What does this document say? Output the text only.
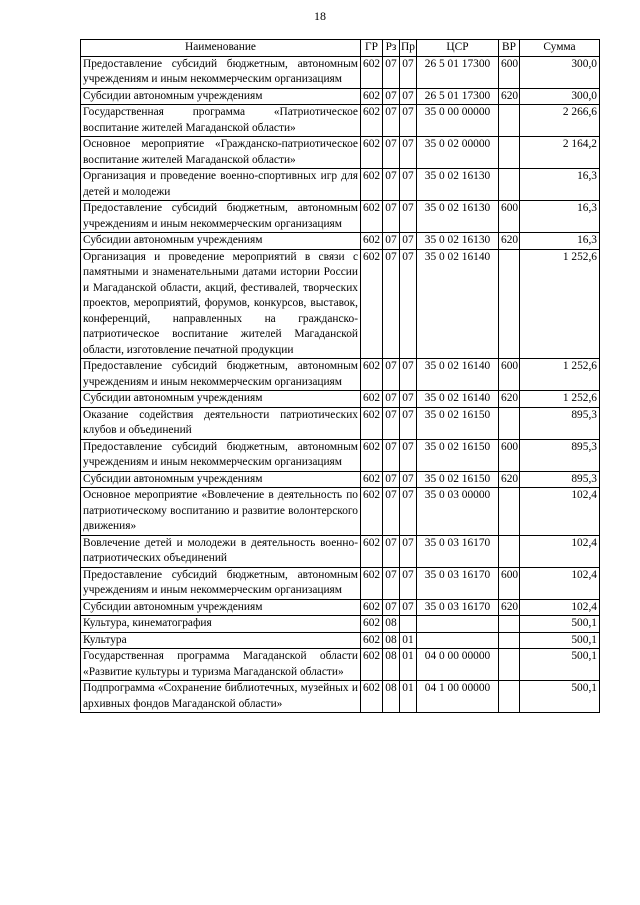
18
Наименование	ГР	Рз	Пр	ЦСР	ВР	Сумма
Предоставление субсидий бюджетным, автономным учреждениям и иным некоммерческим организациям	602	07	07	26 5 01 17300	600	300,0
Субсидии автономным учреждениям	602	07	07	26 5 01 17300	620	300,0
Государственная программа «Патриотическое воспитание жителей Магаданской области»	602	07	07	35 0 00 00000		2 266,6
Основное мероприятие «Гражданско-патриотическое воспитание жителей Магаданской области»	602	07	07	35 0 02 00000		2 164,2
Организация и проведение военно-спортивных игр для детей и молодежи	602	07	07	35 0 02 16130		16,3
Предоставление субсидий бюджетным, автономным учреждениям и иным некоммерческим организациям	602	07	07	35 0 02 16130	600	16,3
Субсидии автономным учреждениям	602	07	07	35 0 02 16130	620	16,3
Организация и проведение мероприятий в связи с памятными и знаменательными датами истории России и Магаданской области, акций, фестивалей, творческих проектов, мероприятий, форумов, конкурсов, выставок, конференций, направленных на гражданско-патриотическое воспитание жителей Магаданской области, изготовление печатной продукции	602	07	07	35 0 02 16140		1 252,6
Предоставление субсидий бюджетным, автономным учреждениям и иным некоммерческим организациям	602	07	07	35 0 02 16140	600	1 252,6
Субсидии автономным учреждениям	602	07	07	35 0 02 16140	620	1 252,6
Оказание содействия деятельности патриотических клубов и объединений	602	07	07	35 0 02 16150		895,3
Предоставление субсидий бюджетным, автономным учреждениям и иным некоммерческим организациям	602	07	07	35 0 02 16150	600	895,3
Субсидии автономным учреждениям	602	07	07	35 0 02 16150	620	895,3
Основное мероприятие «Вовлечение в деятельность по патриотическому воспитанию и развитие волонтерского движения»	602	07	07	35 0 03 00000		102,4
Вовлечение детей и молодежи в деятельность военно-патриотических объединений	602	07	07	35 0 03 16170		102,4
Предоставление субсидий бюджетным, автономным учреждениям и иным некоммерческим организациям	602	07	07	35 0 03 16170	600	102,4
Субсидии автономным учреждениям	602	07	07	35 0 03 16170	620	102,4
Культура, кинематография	602	08				500,1
Культура	602	08	01			500,1
Государственная программа Магаданской области «Развитие культуры и туризма Магаданской области»	602	08	01	04 0 00 00000		500,1
Подпрограмма «Сохранение библиотечных, музейных и архивных фондов Магаданской области»	602	08	01	04 1 00 00000		500,1
